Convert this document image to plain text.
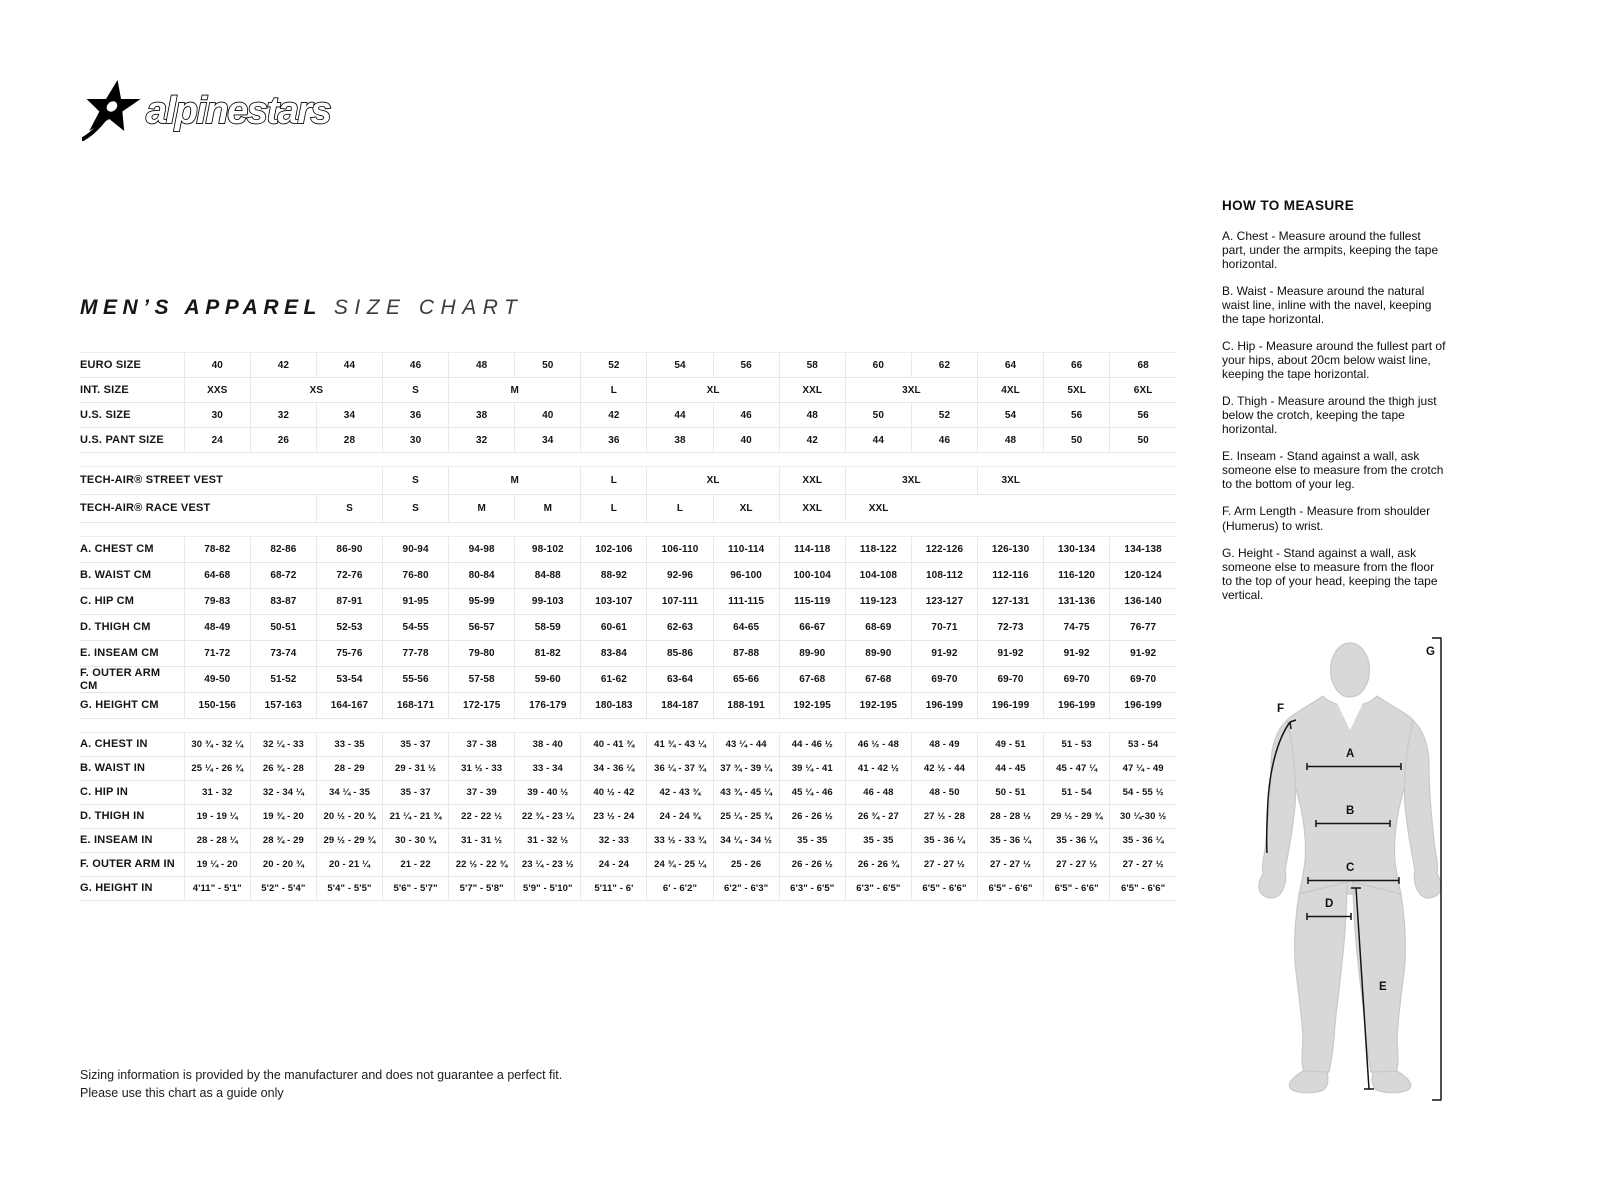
alpinestars
MEN’S APPAREL SIZE CHART
EURO SIZE	40	42	44	46	48	50	52	54	56	58	60	62	64	66	68
INT. SIZE	XXS	XS		S	M		L	XL		XXL	3XL		4XL	5XL	6XL
U.S. SIZE	30	32	34	36	38	40	42	44	46	48	50	52	54	56	56
U.S. PANT SIZE	24	26	28	30	32	34	36	38	40	42	44	46	48	50	50

TECH-AIR® STREET VEST				S	M		L	XL		XXL	3XL		3XL		
TECH-AIR® RACE VEST			S	S	M	M	L	L	XL	XXL	XXL				

A. CHEST CM	78-82	82-86	86-90	90-94	94-98	98-102	102-106	106-110	110-114	114-118	118-122	122-126	126-130	130-134	134-138
B. WAIST CM	64-68	68-72	72-76	76-80	80-84	84-88	88-92	92-96	96-100	100-104	104-108	108-112	112-116	116-120	120-124
C. HIP CM	79-83	83-87	87-91	91-95	95-99	99-103	103-107	107-111	111-115	115-119	119-123	123-127	127-131	131-136	136-140
D. THIGH CM	48-49	50-51	52-53	54-55	56-57	58-59	60-61	62-63	64-65	66-67	68-69	70-71	72-73	74-75	76-77
E. INSEAM CM	71-72	73-74	75-76	77-78	79-80	81-82	83-84	85-86	87-88	89-90	89-90	91-92	91-92	91-92	91-92
F. OUTER ARM CM	49-50	51-52	53-54	55-56	57-58	59-60	61-62	63-64	65-66	67-68	67-68	69-70	69-70	69-70	69-70
G. HEIGHT CM	150-156	157-163	164-167	168-171	172-175	176-179	180-183	184-187	188-191	192-195	192-195	196-199	196-199	196-199	196-199

A. CHEST IN	30 ¾ - 32 ¼	32 ¼ - 33	33 - 35	35 - 37	37 - 38	38 - 40	40 - 41 ¾	41 ¾ - 43 ¼	43 ¼ - 44	44 - 46 ½	46 ½ - 48	48 - 49	49 - 51	51 - 53	53 - 54
B. WAIST IN	25 ¼ - 26 ¾	26 ¾ - 28	28 - 29	29 - 31 ½	31 ½ - 33	33 - 34	34 - 36 ¼	36 ¼ - 37 ¾	37 ¾ - 39 ¼	39 ¼ - 41	41 - 42 ½	42 ½ - 44	44 - 45	45 - 47 ¼	47 ¼ - 49
C. HIP IN	31 - 32	32 - 34 ¼	34 ¼ - 35	35 - 37	37 - 39	39 - 40 ½	40 ½ - 42	42 - 43 ¾	43 ¾ - 45 ¼	45 ¼ - 46	46 - 48	48 - 50	50 - 51	51 - 54	54 - 55 ½
D. THIGH IN	19 - 19 ¼	19 ¾ - 20	20 ½ - 20 ¾	21 ¼ - 21 ¾	22 - 22 ½	22 ¾ - 23 ¼	23 ½ - 24	24 - 24 ¾	25 ¼ - 25 ¾	26 - 26 ½	26 ¾ - 27	27 ½ - 28	28 - 28 ½	29 ½ - 29 ¾	30 ¼-30 ½
E. INSEAM IN	28 - 28 ¼	28 ¾ - 29	29 ½ - 29 ¾	30 - 30 ¾	31 - 31 ½	31 - 32 ½	32 - 33	33 ½ - 33 ¾	34 ¼ - 34 ½	35 - 35	35 - 35	35 - 36 ¼	35 - 36 ¼	35 - 36 ¼	35 - 36 ¼
F. OUTER ARM IN	19 ¼ - 20	20 - 20 ¾	20 - 21 ¼	21 - 22	22 ½ - 22 ¾	23 ¼ - 23 ½	24 - 24	24 ¾ - 25 ¼	25 - 26	26 - 26 ½	26 - 26 ¾	27 - 27 ½	27 - 27 ½	27 - 27 ½	27 - 27 ½
G. HEIGHT IN	4'11" - 5'1"	5'2" - 5'4"	5'4" - 5'5"	5'6" - 5'7"	5'7" - 5'8"	5'9" - 5'10"	5'11" - 6'	6' - 6'2"	6'2" - 6'3"	6'3" - 6'5"	6'3" - 6'5"	6'5" - 6'6"	6'5" - 6'6"	6'5" - 6'6"	6'5" - 6'6"
HOW TO MEASURE

A. Chest - Measure around the fullest part, under the armpits, keeping the tape horizontal.

B. Waist - Measure around the natural waist line, inline with the navel, keeping the tape horizontal.

C. Hip - Measure around the fullest part of your hips, about 20cm below waist line, keeping the tape horizontal.

D. Thigh - Measure around the thigh just below the crotch, keeping the tape horizontal.

E. Inseam - Stand against a wall, ask someone else to measure from the crotch to the bottom of your leg.

F. Arm Length - Measure from shoulder (Humerus) to wrist.

G. Height - Stand against a wall, ask someone else to measure from the floor to the top of your head, keeping the tape vertical.

A
B
C
D
E
F
G
Sizing information is provided by the manufacturer and does not guarantee a perfect fit.
Please use this chart as a guide only
